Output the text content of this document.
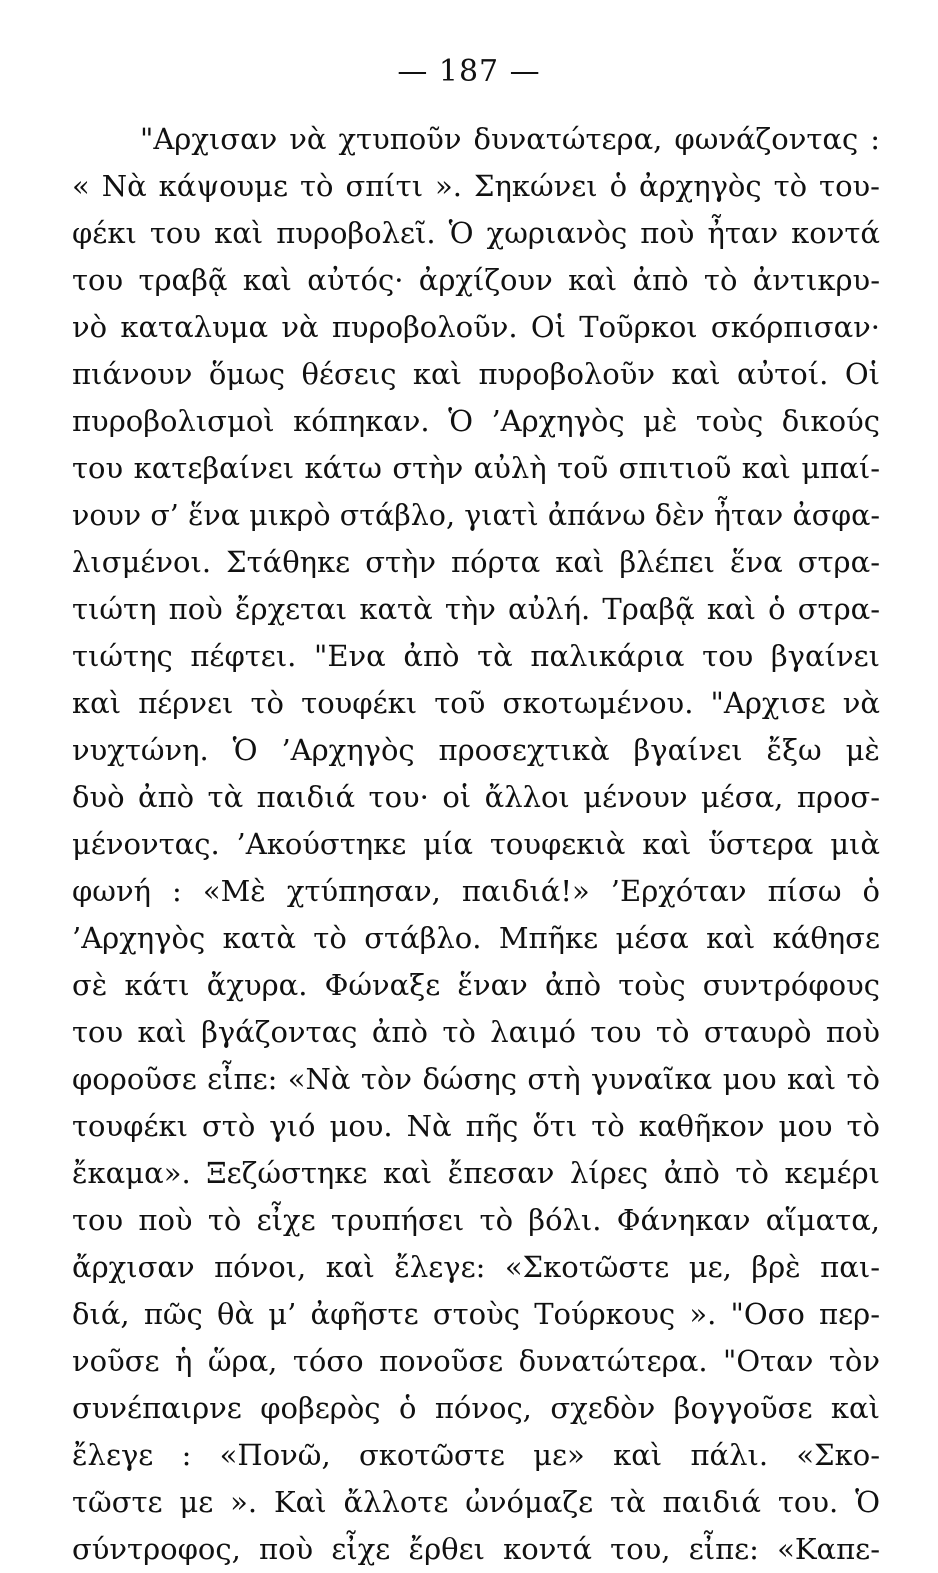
— 187 —
"Αρχισαν νὰ χτυποῦν δυνατώτερα, φωνάζοντας :
« Νὰ κάψουμε τὸ σπίτι ». Σηκώνει ὁ ἀρχηγὸς τὸ του-
φέκι του καὶ πυροβολεῖ. Ὁ χωριανὸς ποὺ ἦταν κοντά
του τραβᾷ καὶ αὐτός· ἀρχίζουν καὶ ἀπὸ τὸ ἀντικρυ-
νὸ καταλυμα νὰ πυροβολοῦν. Οἱ Τοῦρκοι σκόρπισαν·
πιάνουν ὅμως θέσεις καὶ πυροβολοῦν καὶ αὐτοί. Οἱ
πυροβολισμοὶ κόπηκαν. Ὁ ’Αρχηγὸς μὲ τοὺς δικούς
του κατεβαίνει κάτω στὴν αὐλὴ τοῦ σπιτιοῦ καὶ μπαί-
νουν σ’ ἕνα μικρὸ στάβλο, γιατὶ ἀπάνω δὲν ἦταν ἀσφα-
λισμένοι. Στάθηκε στὴν πόρτα καὶ βλέπει ἕνα στρα-
τιώτη ποὺ ἔρχεται κατὰ τὴν αὐλή. Τραβᾷ καὶ ὁ στρα-
τιώτης πέφτει. "Ενα ἀπὸ τὰ παλικάρια του βγαίνει
καὶ πέρνει τὸ τουφέκι τοῦ σκοτωμένου. "Αρχισε νὰ
νυχτώνη. Ὁ ’Αρχηγὸς προσεχτικὰ βγαίνει ἔξω μὲ
δυὸ ἀπὸ τὰ παιδιά του· οἱ ἄλλοι μένουν μέσα, προσ-
μένοντας. ’Ακούστηκε μία τουφεκιὰ καὶ ὕστερα μιὰ
φωνή : «Μὲ χτύπησαν, παιδιά!» ’Ερχόταν πίσω ὁ
’Αρχηγὸς κατὰ τὸ στάβλο. Μπῆκε μέσα καὶ κάθησε
σὲ κάτι ἄχυρα. Φώναξε ἕναν ἀπὸ τοὺς συντρόφους
του καὶ βγάζοντας ἀπὸ τὸ λαιμό του τὸ σταυρὸ ποὺ
φοροῦσε εἶπε: «Νὰ τὸν δώσης στὴ γυναῖκα μου καὶ τὸ
τουφέκι στὸ γιό μου. Νὰ πῆς ὅτι τὸ καθῆκον μου τὸ
ἔκαμα». Ξεζώστηκε καὶ ἔπεσαν λίρες ἀπὸ τὸ κεμέρι
του ποὺ τὸ εἶχε τρυπήσει τὸ βόλι. Φάνηκαν αἵματα,
ἄρχισαν πόνοι, καὶ ἔλεγε: «Σκοτῶστε με, βρὲ παι-
διά, πῶς θὰ μ’ ἀφῆστε στοὺς Τούρκους ». "Οσο περ-
νοῦσε ἡ ὥρα, τόσο πονοῦσε δυνατώτερα. "Οταν τὸν
συνέπαιρνε φοβερὸς ὁ πόνος, σχεδὸν βογγοῦσε καὶ
ἔλεγε : «Πονῶ, σκοτῶστε με» καὶ πάλι. «Σκο-
τῶστε με ». Καὶ ἄλλοτε ὠνόμαζε τὰ παιδιά του. Ὁ
σύντροφος, ποὺ εἶχε ἔρθει κοντά του, εἶπε: «Καπε-
